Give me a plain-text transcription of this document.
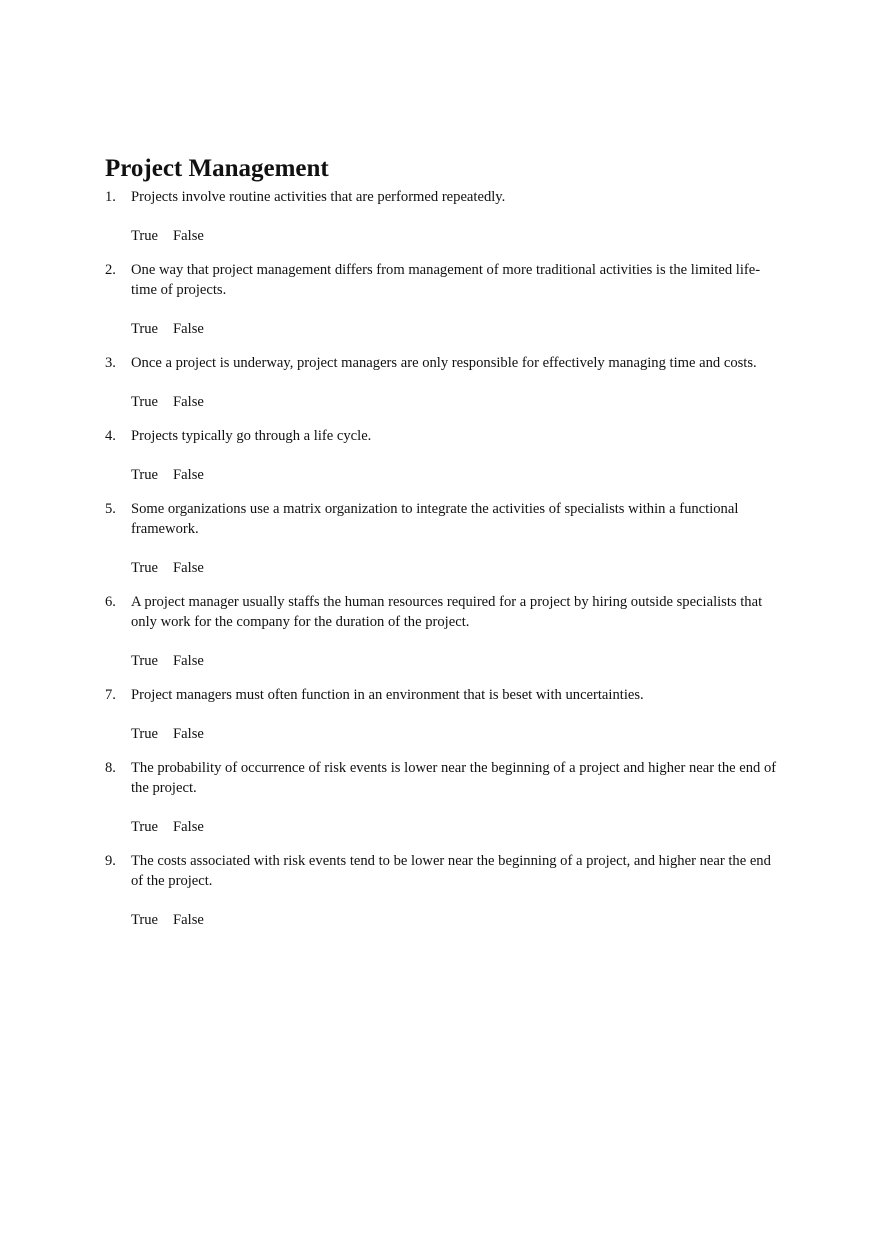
Project Management
1.	Projects involve routine activities that are performed repeatedly.
True False
2.	One way that project management differs from management of more traditional activities is the limited life-time of projects.
True False
3.	Once a project is underway, project managers are only responsible for effectively managing time and costs.
True False
4.	Projects typically go through a life cycle.
True False
5.	Some organizations use a matrix organization to integrate the activities of specialists within a functional framework.
True False
6.	A project manager usually staffs the human resources required for a project by hiring outside specialists that only work for the company for the duration of the project.
True False
7.	Project managers must often function in an environment that is beset with uncertainties.
True False
8.	The probability of occurrence of risk events is lower near the beginning of a project and higher near the end of the project.
True False
9.	The costs associated with risk events tend to be lower near the beginning of a project, and higher near the end of the project.
True False
